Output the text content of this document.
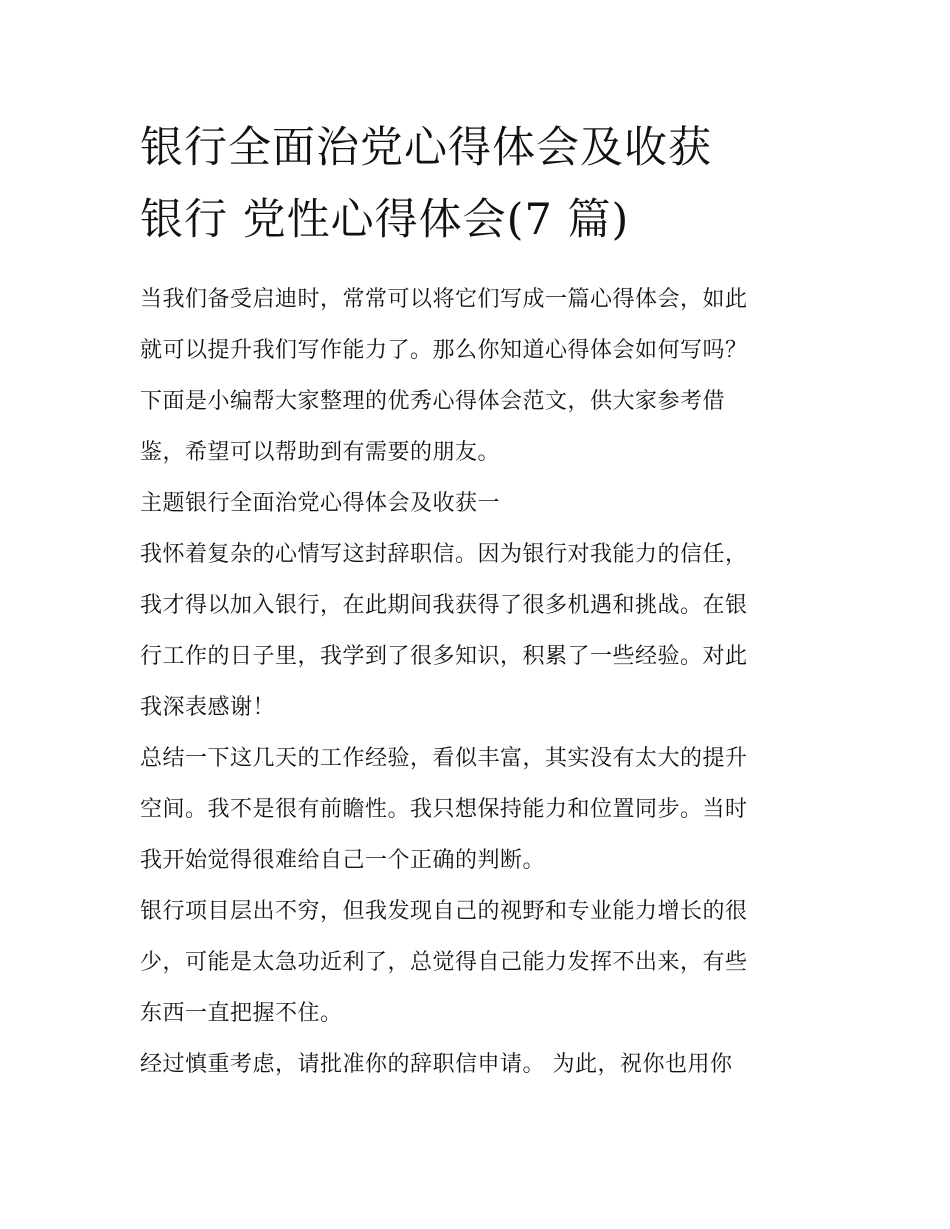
银行全面治党心得体会及收获
银行 党性心得体会(7 篇)

当我们备受启迪时，常常可以将它们写成一篇心得体会，如此
就可以提升我们写作能力了。那么你知道心得体会如何写吗？
下面是小编帮大家整理的优秀心得体会范文，供大家参考借
鉴，希望可以帮助到有需要的朋友。

主题银行全面治党心得体会及收获一

我怀着复杂的心情写这封辞职信。因为银行对我能力的信任，
我才得以加入银行，在此期间我获得了很多机遇和挑战。在银
行工作的日子里，我学到了很多知识，积累了一些经验。对此
我深表感谢！

总结一下这几天的工作经验，看似丰富，其实没有太大的提升
空间。我不是很有前瞻性。我只想保持能力和位置同步。当时
我开始觉得很难给自己一个正确的判断。

银行项目层出不穷，但我发现自己的视野和专业能力增长的很
少，可能是太急功近利了，总觉得自己能力发挥不出来，有些
东西一直把握不住。

经过慎重考虑，请批准你的辞职信申请。 为此，祝你也用你
